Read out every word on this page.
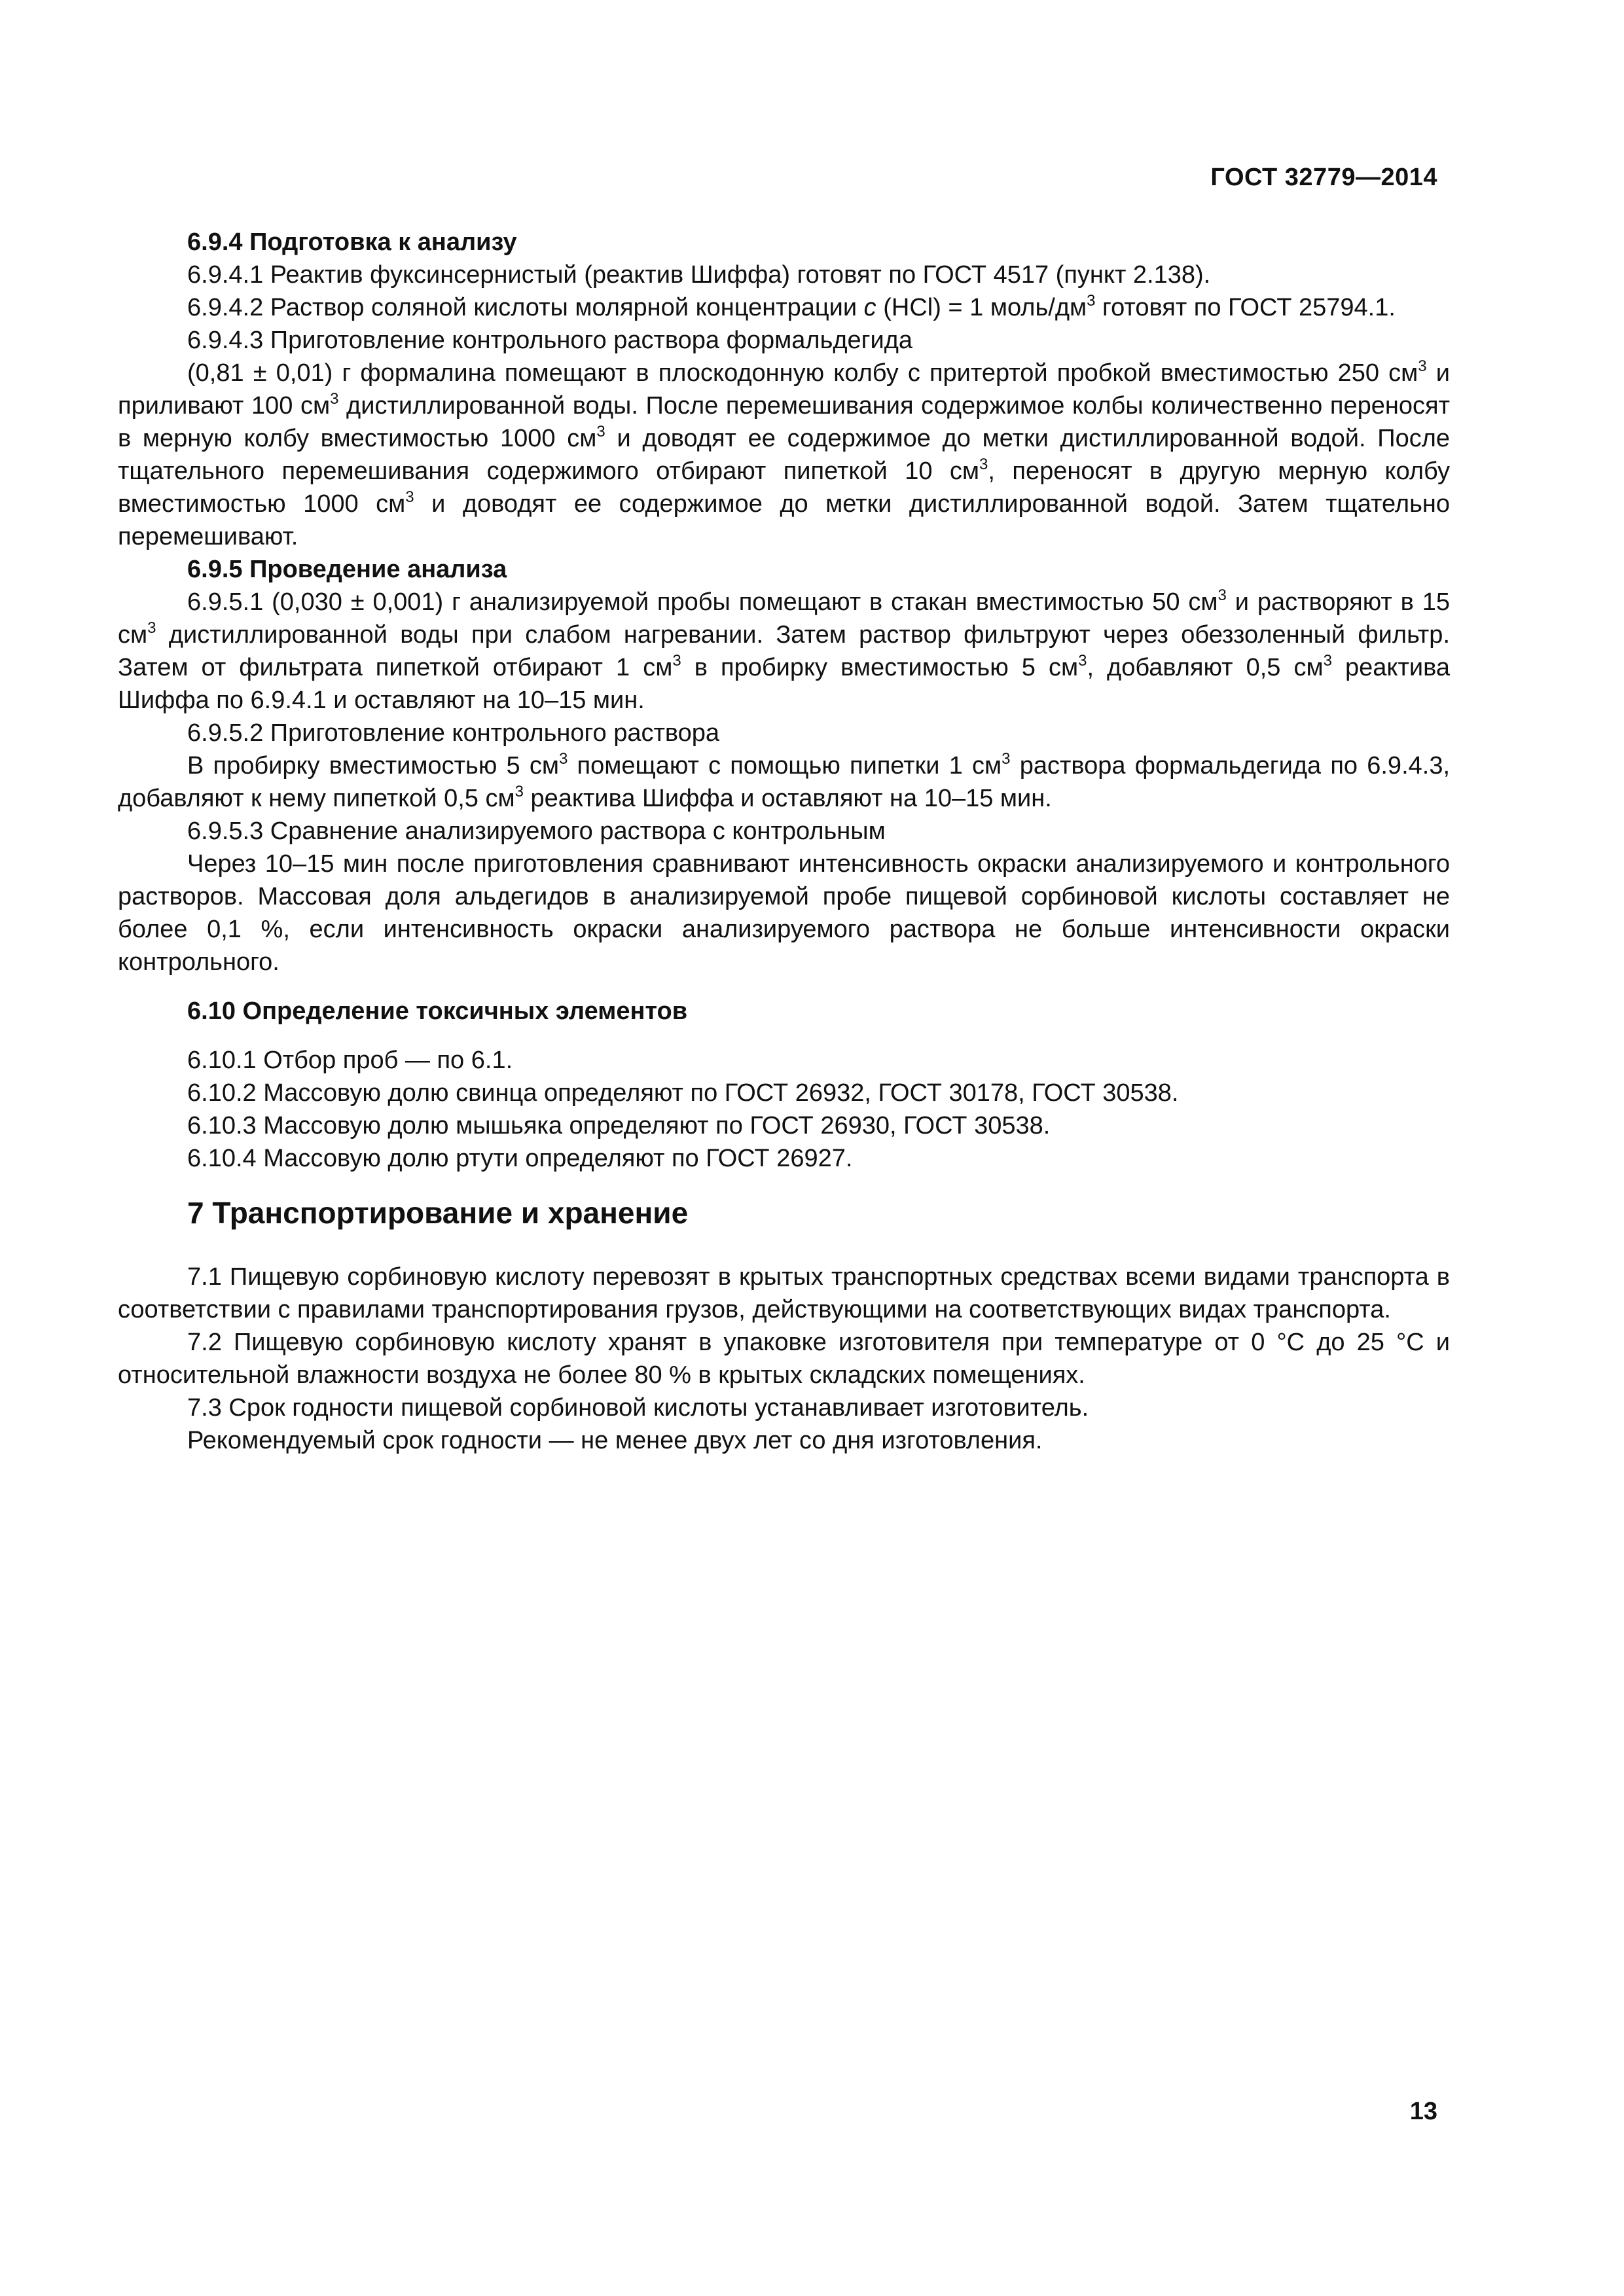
ГОСТ 32779—2014

6.9.4 Подготовка к анализу

6.9.4.1 Реактив фуксинсернистый (реактив Шиффа) готовят по ГОСТ 4517 (пункт 2.138).

6.9.4.2 Раствор соляной кислоты молярной концентрации c (HCl) = 1 моль/$дм^3$ готовят по ГОСТ 25794.1.

6.9.4.3 Приготовление контрольного раствора формальдегида

(0,81 ± 0,01) г формалина помещают в плоскодонную колбу с притертой пробкой вместимостью 250 $см^3$ и приливают 100 $см^3$ дистиллированной воды. После перемешивания содержимое колбы количественно переносят в мерную колбу вместимостью 1000 $см^3$ и доводят ее содержимое до метки дистиллированной водой. После тщательного перемешивания содержимого отбирают пипеткой 10 $см^3$, переносят в другую мерную колбу вместимостью 1000 $см^3$ и доводят ее содержимое до метки дистиллированной водой. Затем тщательно перемешивают.

6.9.5 Проведение анализа

6.9.5.1 (0,030 ± 0,001) г анализируемой пробы помещают в стакан вместимостью 50 $см^3$ и растворяют в 15 $см^3$ дистиллированной воды при слабом нагревании. Затем раствор фильтруют через обеззоленный фильтр. Затем от фильтрата пипеткой отбирают 1 $см^3$ в пробирку вместимостью 5 $см^3$, добавляют 0,5 $см^3$ реактива Шиффа по 6.9.4.1 и оставляют на 10–15 мин.

6.9.5.2 Приготовление контрольного раствора

В пробирку вместимостью 5 $см^3$ помещают с помощью пипетки 1 $см^3$ раствора формальдегида по 6.9.4.3, добавляют к нему пипеткой 0,5 $см^3$ реактива Шиффа и оставляют на 10–15 мин.

6.9.5.3 Сравнение анализируемого раствора с контрольным

Через 10–15 мин после приготовления сравнивают интенсивность окраски анализируемого и контрольного растворов. Массовая доля альдегидов в анализируемой пробе пищевой сорбиновой кислоты составляет не более 0,1 %, если интенсивность окраски анализируемого раствора не больше интенсивности окраски контрольного.

6.10 Определение токсичных элементов

6.10.1 Отбор проб — по 6.1.

6.10.2 Массовую долю свинца определяют по ГОСТ 26932, ГОСТ 30178, ГОСТ 30538.

6.10.3 Массовую долю мышьяка определяют по ГОСТ 26930, ГОСТ 30538.

6.10.4 Массовую долю ртути определяют по ГОСТ 26927.

7 Транспортирование и хранение

7.1 Пищевую сорбиновую кислоту перевозят в крытых транспортных средствах всеми видами транспорта в соответствии с правилами транспортирования грузов, действующими на соответствующих видах транспорта.

7.2 Пищевую сорбиновую кислоту хранят в упаковке изготовителя при температуре от 0 °С до 25 °С и относительной влажности воздуха не более 80 % в крытых складских помещениях.

7.3 Срок годности пищевой сорбиновой кислоты устанавливает изготовитель.

Рекомендуемый срок годности — не менее двух лет со дня изготовления.

13
